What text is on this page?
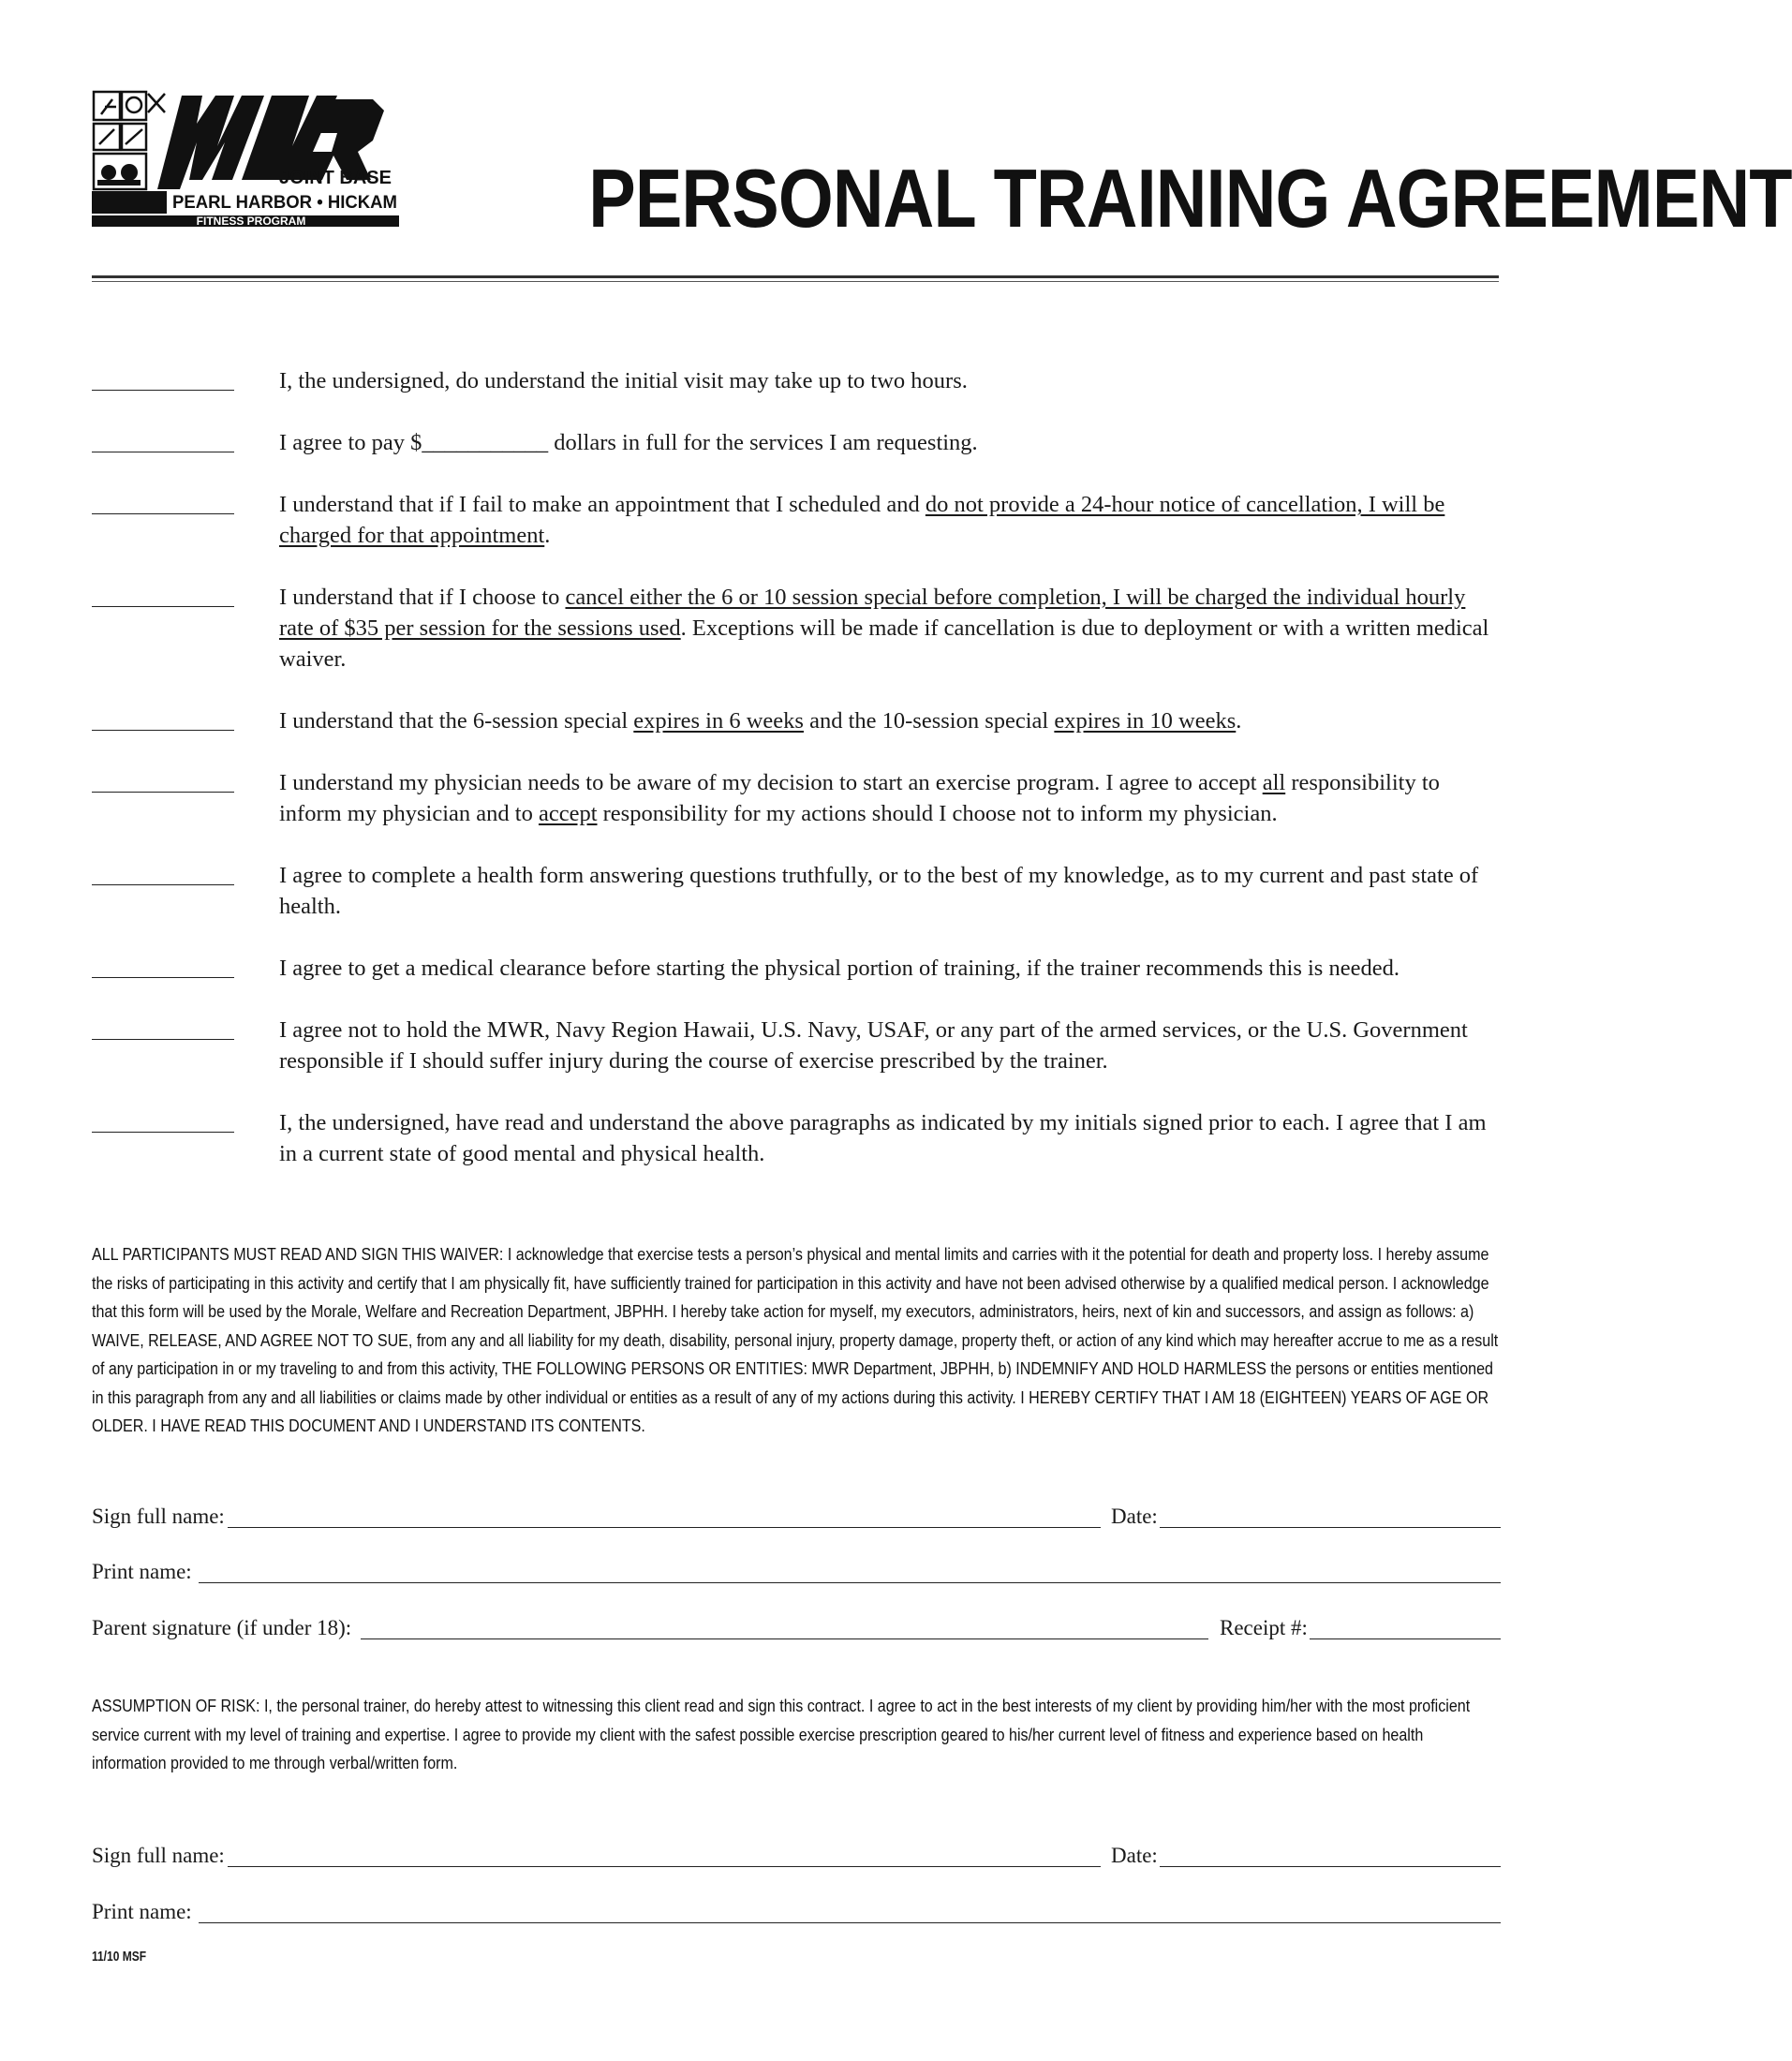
JOINT BASE
PEARL HARBOR • HICKAM
FITNESS PROGRAM
MWR
PERSONAL TRAINING AGREEMENT
I, the undersigned, do understand the initial visit may take up to two hours.
I agree to pay $___________ dollars in full for the services I am requesting.
I understand that if I fail to make an appointment that I scheduled and do not provide a 24-hour notice of cancellation, I will be charged for that appointment.
I understand that if I choose to cancel either the 6 or 10 session special before completion, I will be charged the individual hourly rate of $35 per session for the sessions used. Exceptions will be made if cancellation is due to deployment or with a written medical waiver.
I understand that the 6-session special expires in 6 weeks and the 10-session special expires in 10 weeks.
I understand my physician needs to be aware of my decision to start an exercise program. I agree to accept all responsibility to inform my physician and to accept responsibility for my actions should I choose not to inform my physician.
I agree to complete a health form answering questions truthfully, or to the best of my knowledge, as to my current and past state of health.
I agree to get a medical clearance before starting the physical portion of training, if the trainer recommends this is needed.
I agree not to hold the MWR, Navy Region Hawaii, U.S. Navy, USAF, or any part of the armed services, or the U.S. Government responsible if I should suffer injury during the course of exercise prescribed by the trainer.
I, the undersigned, have read and understand the above paragraphs as indicated by my initials signed prior to each. I agree that I am in a current state of good mental and physical health.
ALL PARTICIPANTS MUST READ AND SIGN THIS WAIVER: I acknowledge that exercise tests a person’s physical and mental limits and carries with it the potential for death and property loss. I hereby assume the risks of participating in this activity and certify that I am physically fit, have sufficiently trained for participation in this activity and have not been advised otherwise by a qualified medical person. I acknowledge that this form will be used by the Morale, Welfare and Recreation Department, JBPHH. I hereby take action for myself, my executors, administrators, heirs, next of kin and successors, and assign as follows: a) WAIVE, RELEASE, AND AGREE NOT TO SUE, from any and all liability for my death, disability, personal injury, property damage, property theft, or action of any kind which may hereafter accrue to me as a result of any participation in or my traveling to and from this activity, THE FOLLOWING PERSONS OR ENTITIES: MWR Department, JBPHH, b) INDEMNIFY AND HOLD HARMLESS the persons or entities mentioned in this paragraph from any and all liabilities or claims made by other individual or entities as a result of any of my actions during this activity. I HEREBY CERTIFY THAT I AM 18 (EIGHTEEN) YEARS OF AGE OR OLDER. I HAVE READ THIS DOCUMENT AND I UNDERSTAND ITS CONTENTS.
Sign full name:	Date:
Print name:
Parent signature (if under 18):	Receipt #:
ASSUMPTION OF RISK: I, the personal trainer, do hereby attest to witnessing this client read and sign this contract. I agree to act in the best interests of my client by providing him/her with the most proficient service current with my level of training and expertise. I agree to provide my client with the safest possible exercise prescription geared to his/her current level of fitness and experience based on health information provided to me through verbal/written form.
Sign full name:	Date:
Print name:
11/10 MSF
